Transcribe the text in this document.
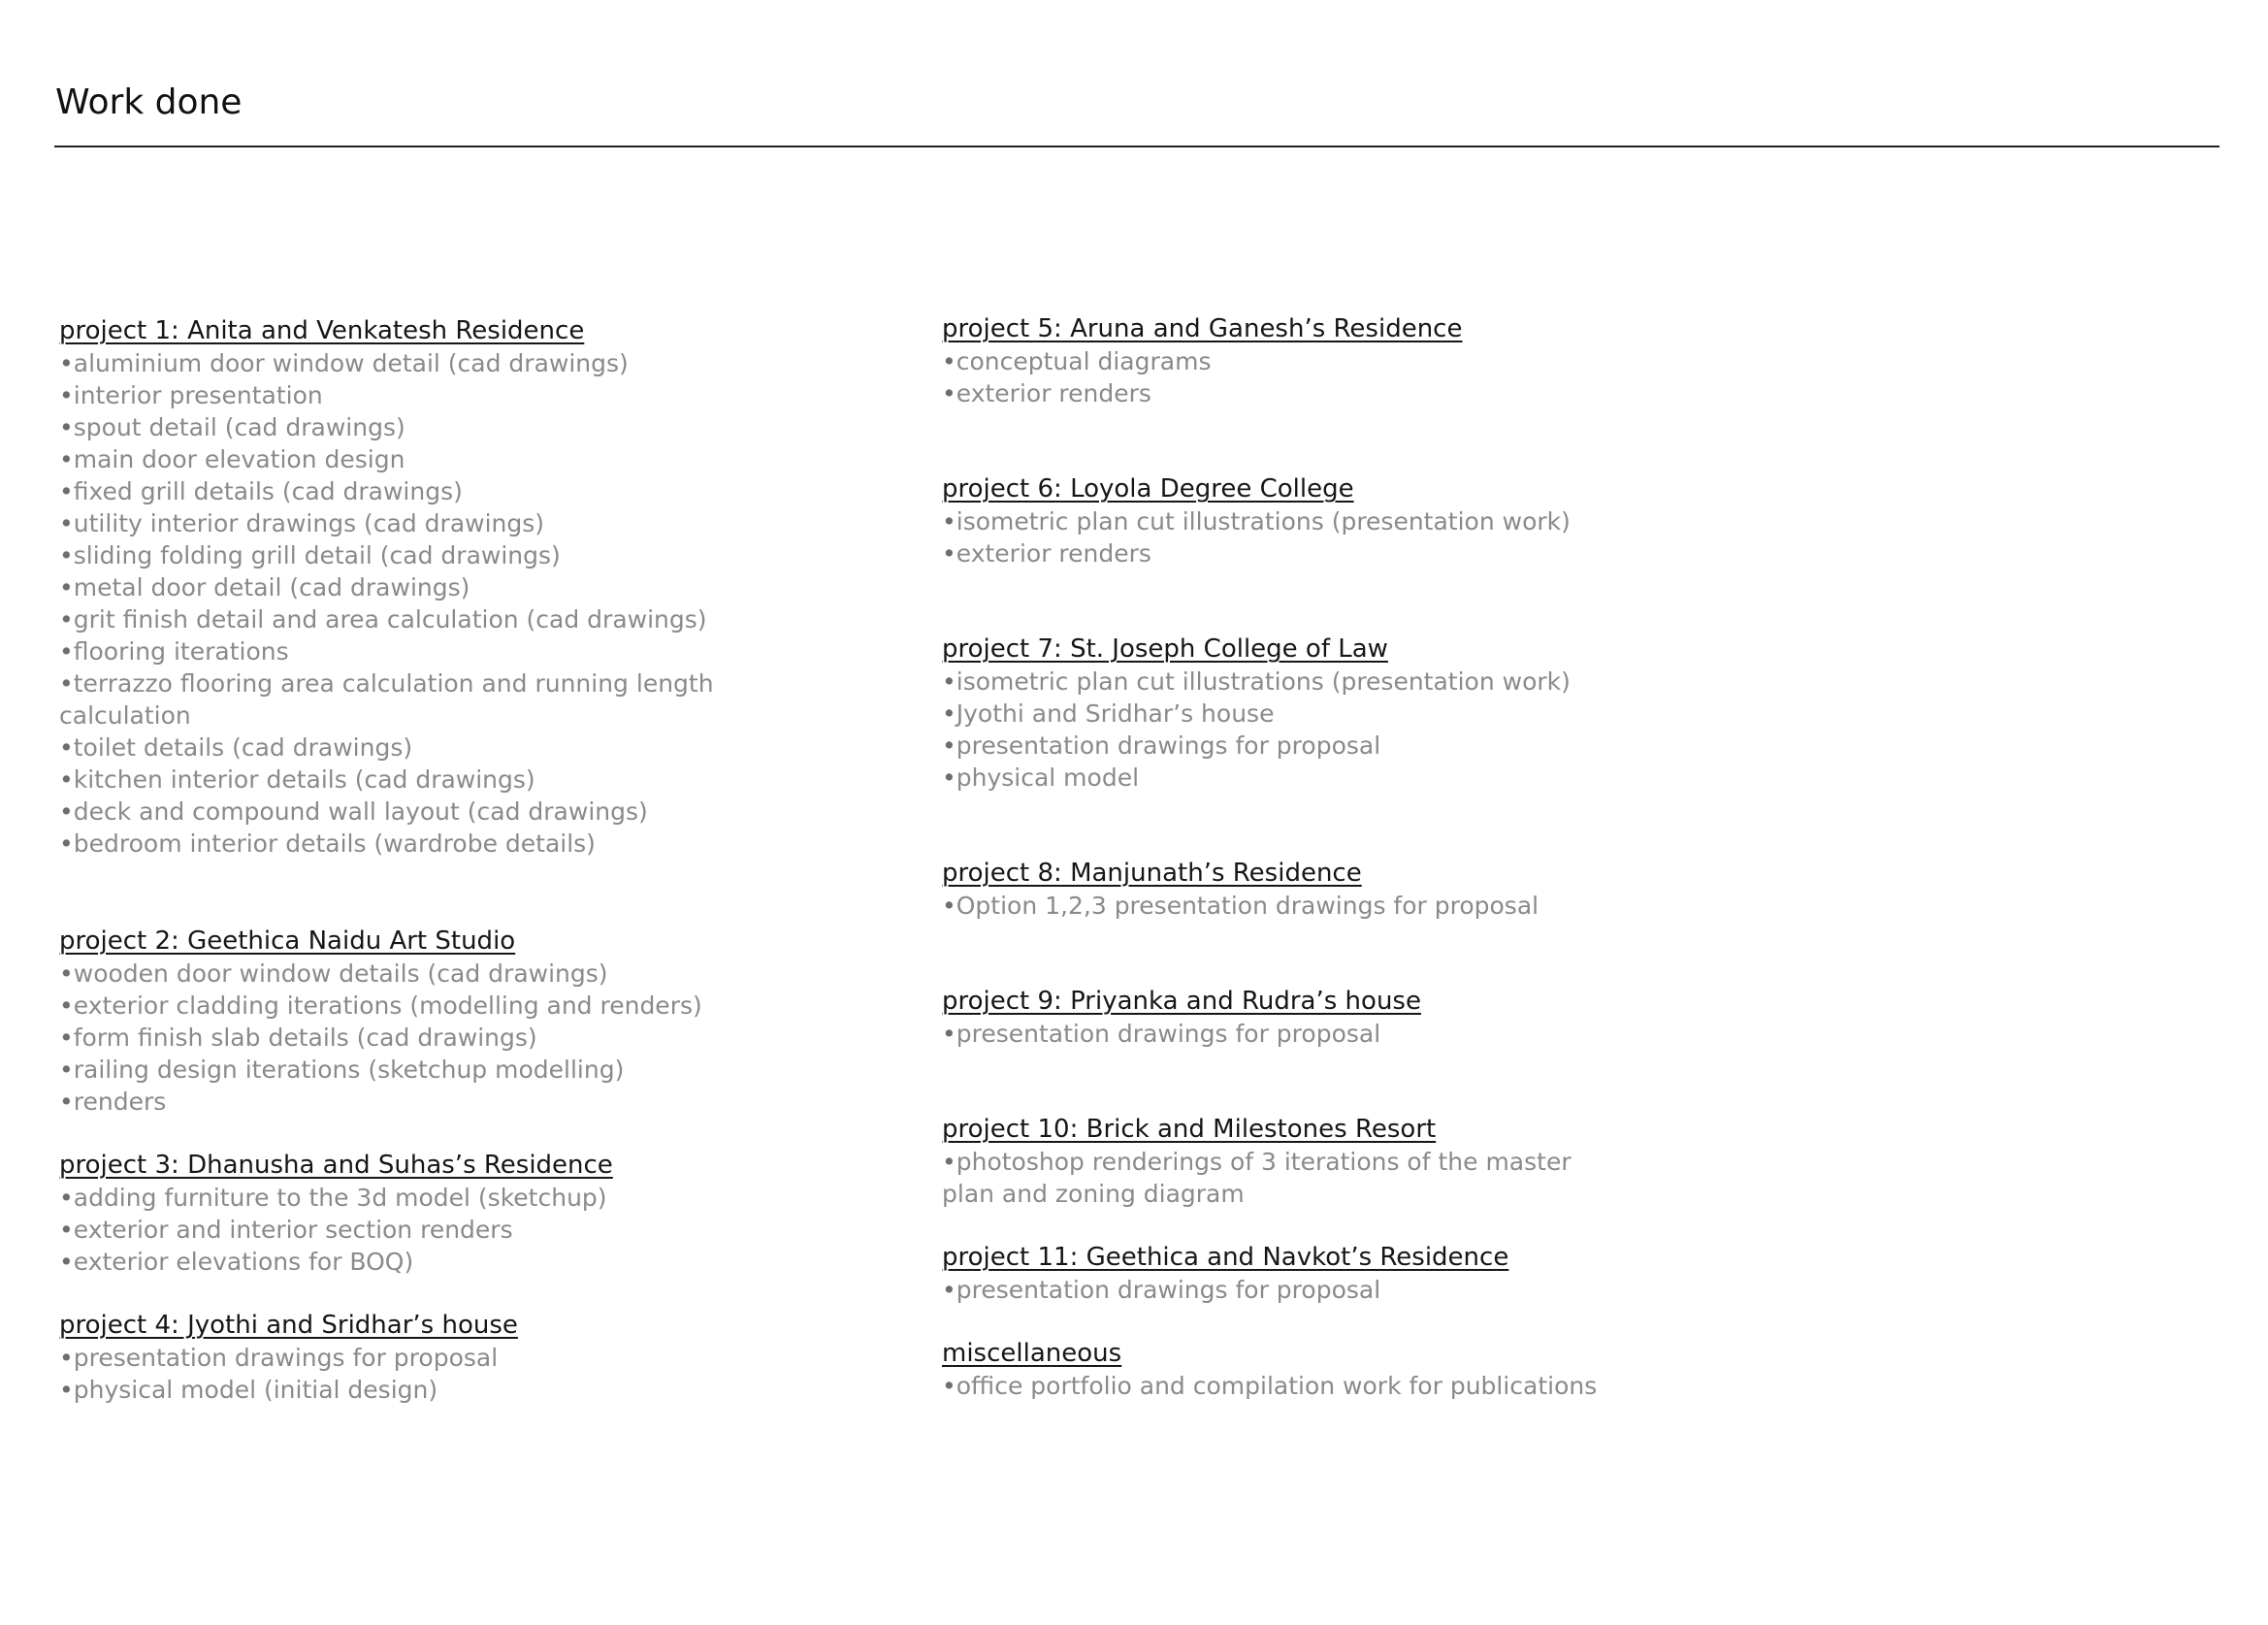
Work done
project 1: Anita and Venkatesh Residence
•aluminium door window detail (cad drawings)
•interior presentation
•spout detail (cad drawings)
•main door elevation design
•fixed grill details (cad drawings)
•utility interior drawings (cad drawings)
•sliding folding grill detail (cad drawings)
•metal door detail (cad drawings)
•grit finish detail and area calculation (cad drawings)
•flooring iterations
•terrazzo flooring area calculation and running length calculation
•toilet details (cad drawings)
•kitchen interior details (cad drawings)
•deck and compound wall layout (cad drawings)
•bedroom interior details (wardrobe details)
project 2: Geethica Naidu Art Studio
•wooden door window details (cad drawings)
•exterior cladding iterations (modelling and renders)
•form finish slab details (cad drawings)
•railing design iterations (sketchup modelling)
•renders
project 3: Dhanusha and Suhas’s Residence
•adding furniture to the 3d model (sketchup)
•exterior and interior section renders
•exterior elevations for BOQ)
project 4: Jyothi and Sridhar’s house
•presentation drawings for proposal
•physical model (initial design)
project 5: Aruna and Ganesh’s Residence
•conceptual diagrams
•exterior renders
project 6: Loyola Degree College
•isometric plan cut illustrations (presentation work)
•exterior renders
project 7: St. Joseph College of Law
•isometric plan cut illustrations (presentation work)
•Jyothi and Sridhar’s house
•presentation drawings for proposal
•physical model
project 8: Manjunath’s Residence
•Option 1,2,3 presentation drawings for proposal
project 9: Priyanka and Rudra’s house
•presentation drawings for proposal
project 10: Brick and Milestones Resort
•photoshop renderings of 3 iterations of the master plan and zoning diagram
project 11: Geethica and Navkot’s Residence
•presentation drawings for proposal
miscellaneous
•office portfolio and compilation work for publications
